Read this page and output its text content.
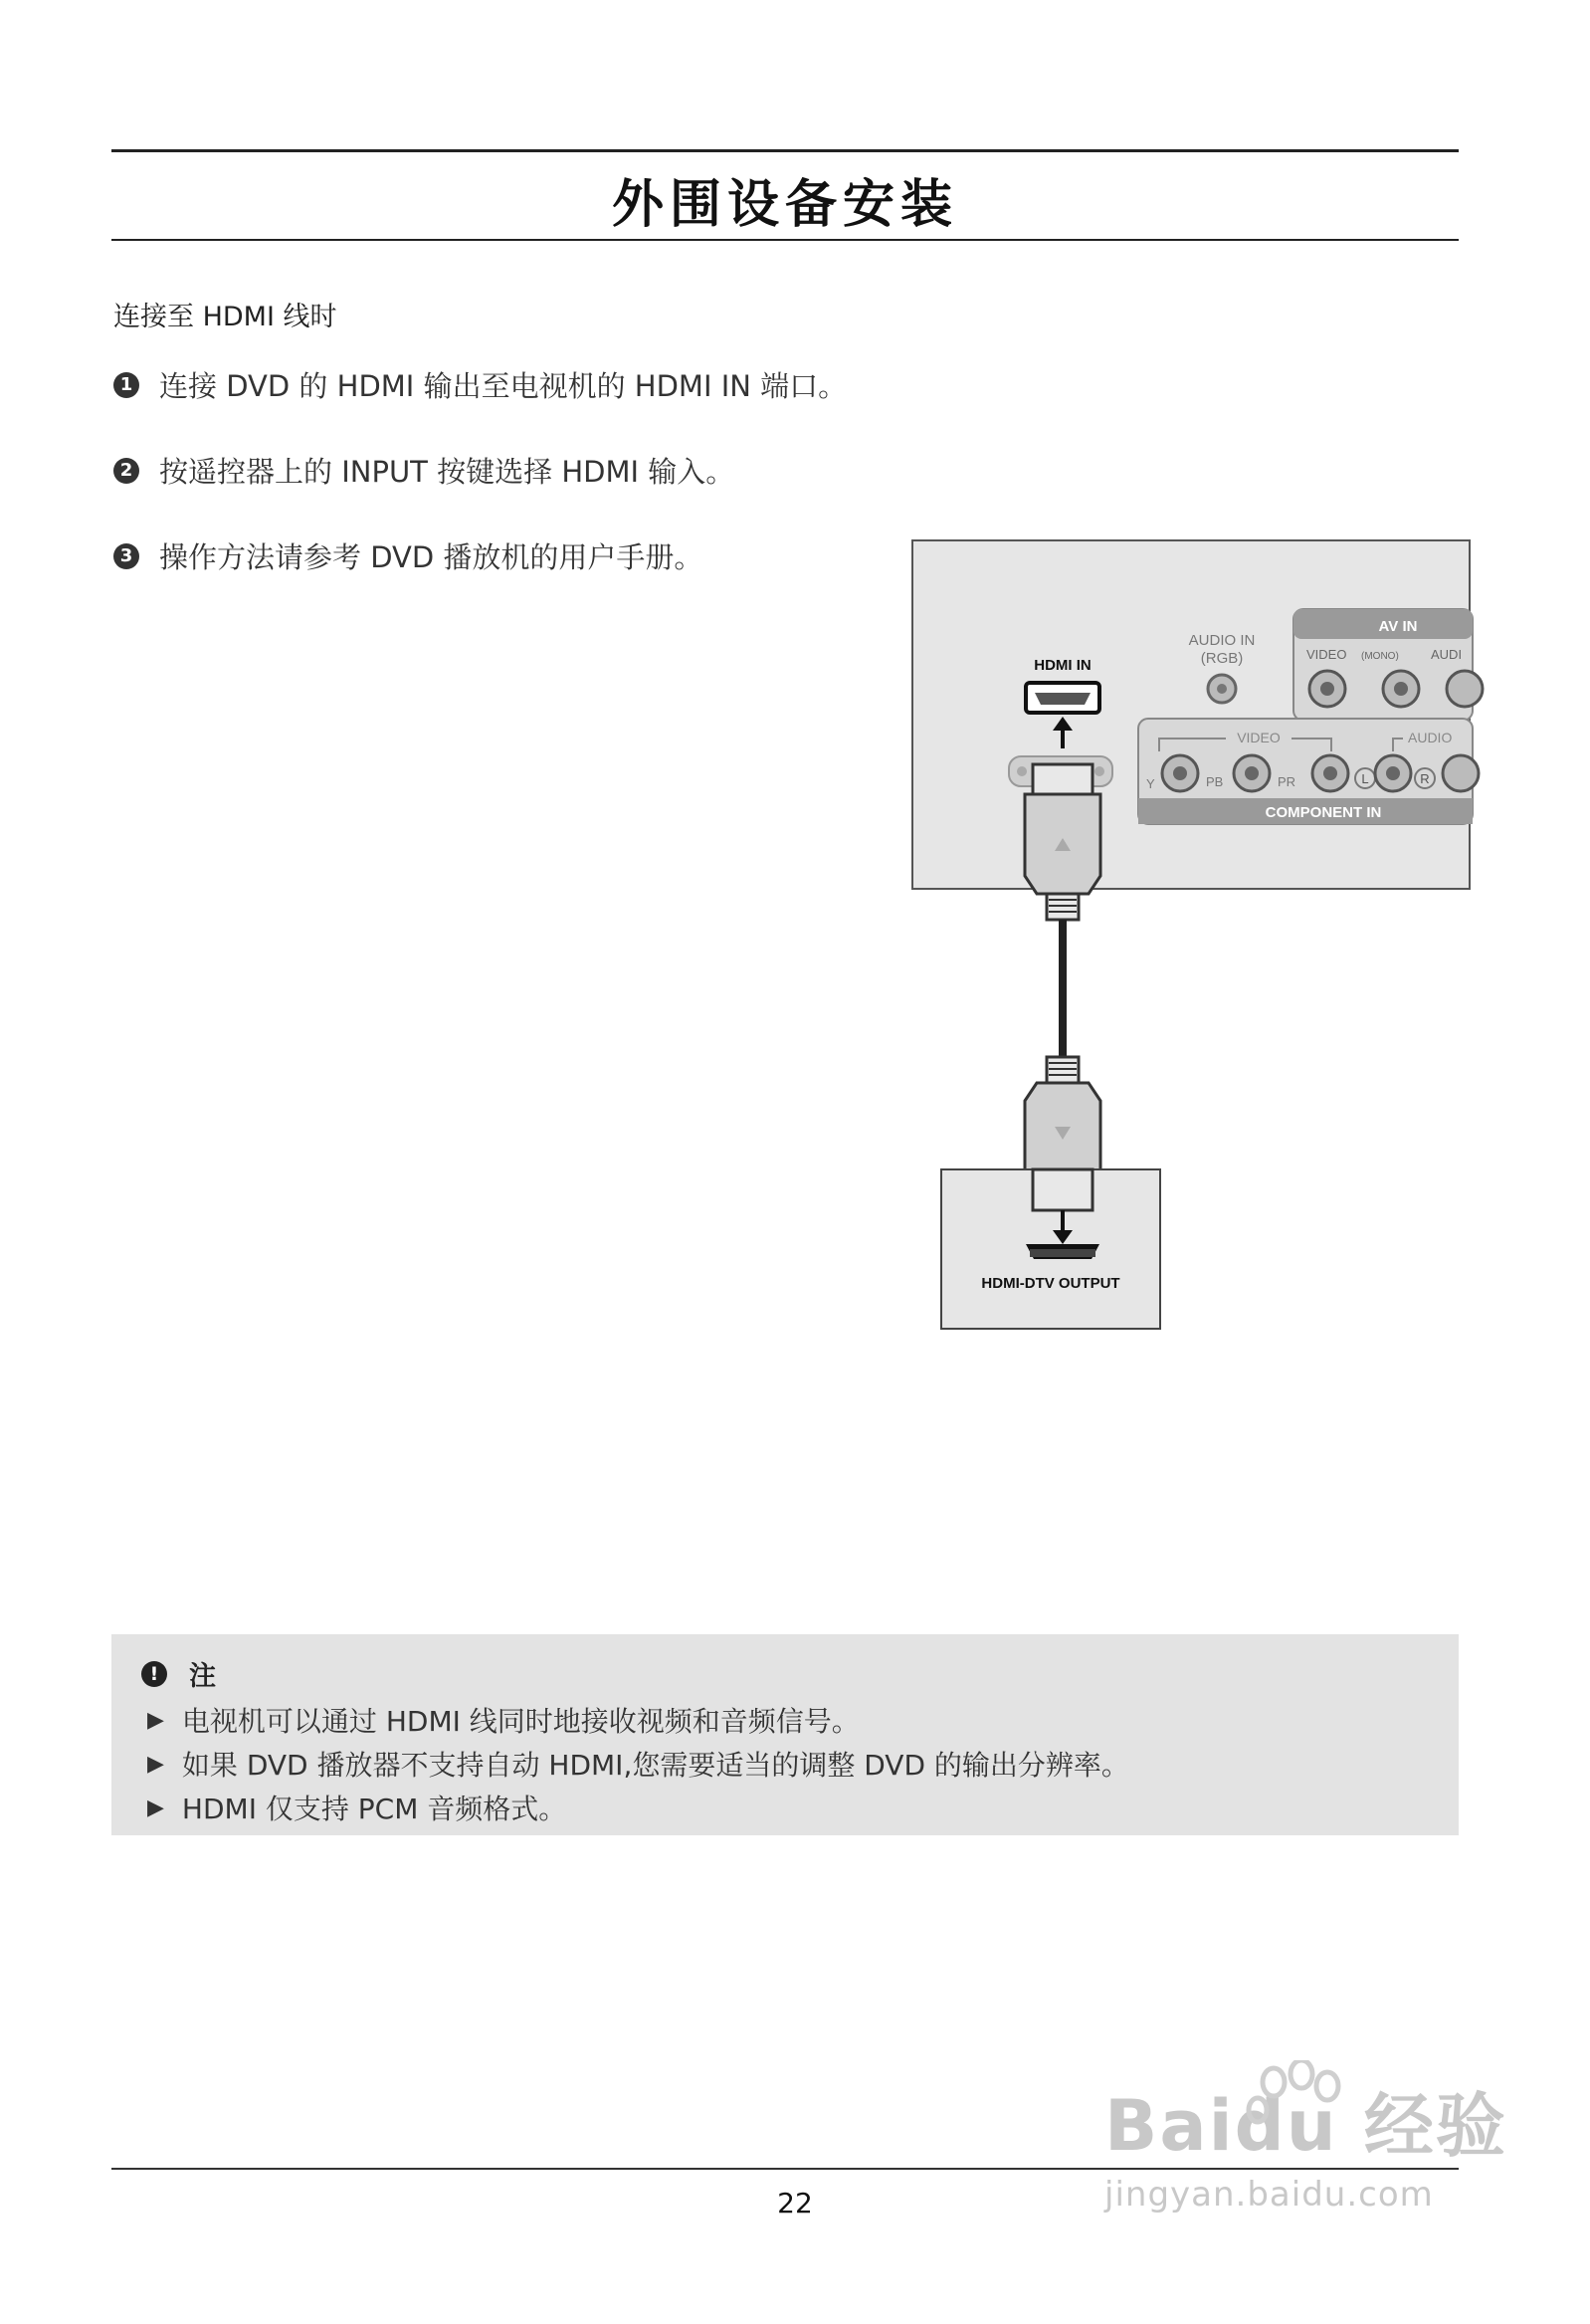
外围设备安装
连接至 HDMI 线时
1 连接 DVD 的 HDMI 输出至电视机的 HDMI IN 端口。
2 按遥控器上的 INPUT 按键选择 HDMI 输入。
3 操作方法请参考 DVD 播放机的用户手册。
AV IN
VIDEO (MONO) AUDI
AUDIO IN
(RGB)
COMPONENT IN
VIDEO	AUDIO
Y	PB	PR	L	R
HDMI IN
HDMI-DTV OUTPUT
!	注
▶ 电视机可以通过 HDMI 线同时地接收视频和音频信号。
▶ 如果 DVD 播放器不支持自动 HDMI,您需要适当的调整 DVD 的输出分辨率。
▶ HDMI 仅支持 PCM 音频格式。
22
Baidu 经验
jingyan.baidu.com
